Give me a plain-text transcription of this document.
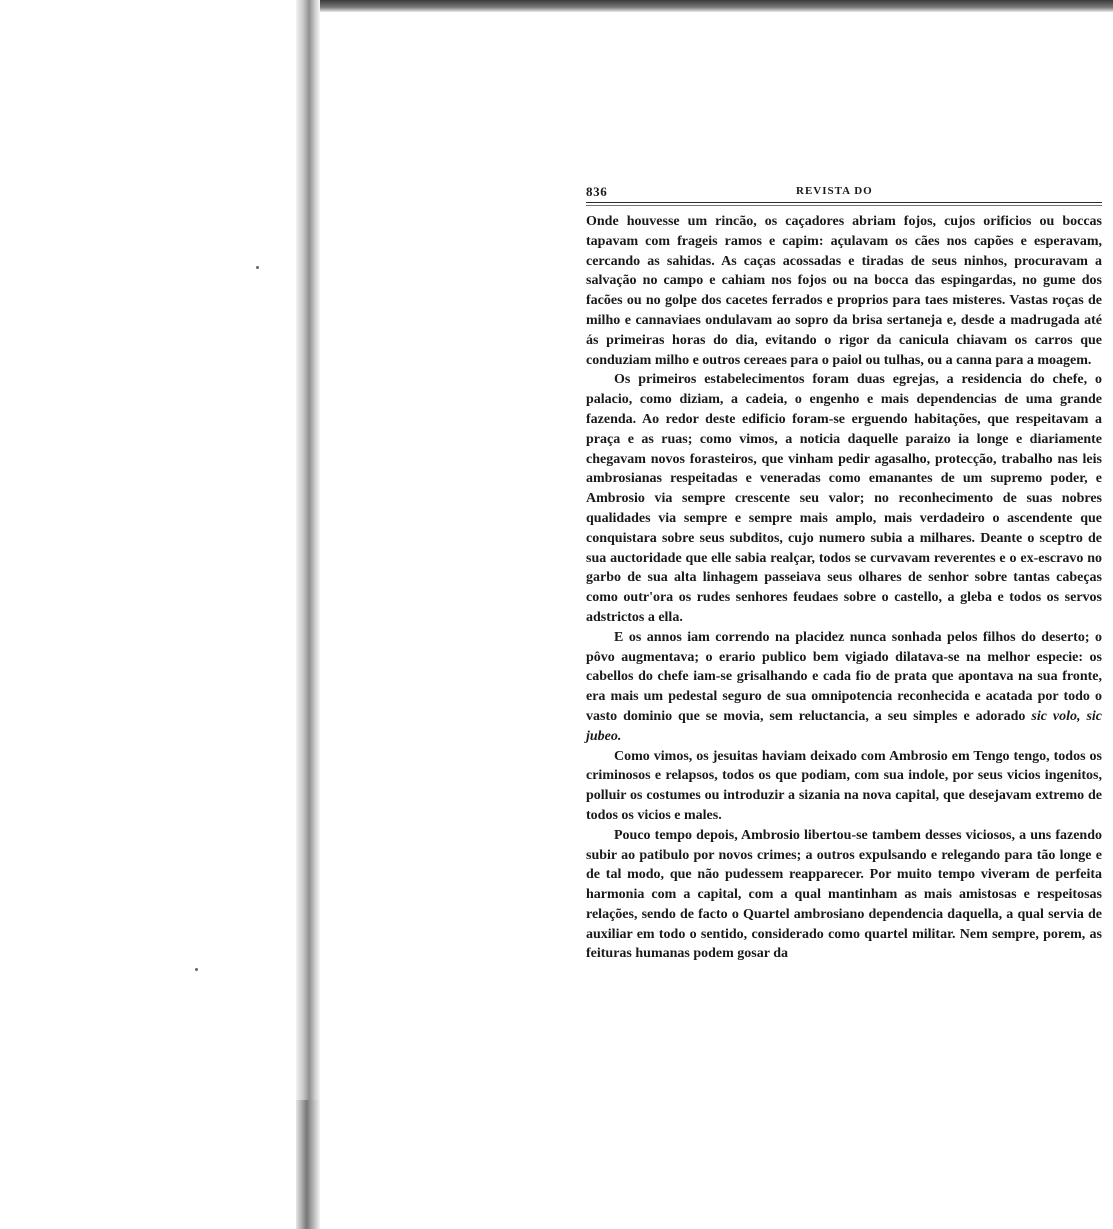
836	REVISTA DO

Onde houvesse um rincão, os caçadores abriam fojos, cujos orificios ou boccas tapavam com frageis ramos e capim: açulavam os cães nos capões e esperavam, cercando as sahidas. As caças acossadas e tiradas de seus ninhos, procuravam a salvação no campo e cahiam nos fojos ou na bocca das espingardas, no gume dos facões ou no golpe dos cacetes ferrados e proprios para taes misteres. Vastas roças de milho e cannaviaes ondulavam ao sopro da brisa sertaneja e, desde a madrugada até ás primeiras horas do dia, evitando o rigor da canicula chiavam os carros que conduziam milho e outros cereaes para o paiol ou tulhas, ou a canna para a moagem.

Os primeiros estabelecimentos foram duas egrejas, a residencia do chefe, o palacio, como diziam, a cadeia, o engenho e mais dependencias de uma grande fazenda. Ao redor deste edificio foram-se erguendo habitações, que respeitavam a praça e as ruas; como vimos, a noticia daquelle paraizo ia longe e diariamente chegavam novos forasteiros, que vinham pedir agasalho, protecção, trabalho nas leis ambrosianas respeitadas e veneradas como emanantes de um supremo poder, e Ambrosio via sempre crescente seu valor; no reconhecimento de suas nobres qualidades via sempre e sempre mais amplo, mais verdadeiro o ascendente que conquistara sobre seus subditos, cujo numero subia a milhares. Deante o sceptro de sua auctoridade que elle sabia realçar, todos se curvavam reverentes e o ex-escravo no garbo de sua alta linhagem passeiava seus olhares de senhor sobre tantas cabeças como outr'ora os rudes senhores feudaes sobre o castello, a gleba e todos os servos adstrictos a ella.

E os annos iam correndo na placidez nunca sonhada pelos filhos do deserto; o pôvo augmentava; o erario publico bem vigiado dilatava-se na melhor especie: os cabellos do chefe iam-se grisalhando e cada fio de prata que apontava na sua fronte, era mais um pedestal seguro de sua omnipotencia reconhecida e acatada por todo o vasto dominio que se movia, sem reluctancia, a seu simples e adorado sic volo, sic jubeo.

Como vimos, os jesuitas haviam deixado com Ambrosio em Tengo tengo, todos os criminosos e relapsos, todos os que podiam, com sua indole, por seus vicios ingenitos, polluir os costumes ou introduzir a sizania na nova capital, que desejavam extremo de todos os vicios e males.

Pouco tempo depois, Ambrosio libertou-se tambem desses viciosos, a uns fazendo subir ao patibulo por novos crimes; a outros expulsando e relegando para tão longe e de tal modo, que não pudessem reapparecer. Por muito tempo viveram de perfeita harmonia com a capital, com a qual mantinham as mais amistosas e respeitosas relações, sendo de facto o Quartel ambrosiano dependencia daquella, a qual servia de auxiliar em todo o sentido, considerado como quartel militar. Nem sempre, porem, as feituras humanas podem gosar da
